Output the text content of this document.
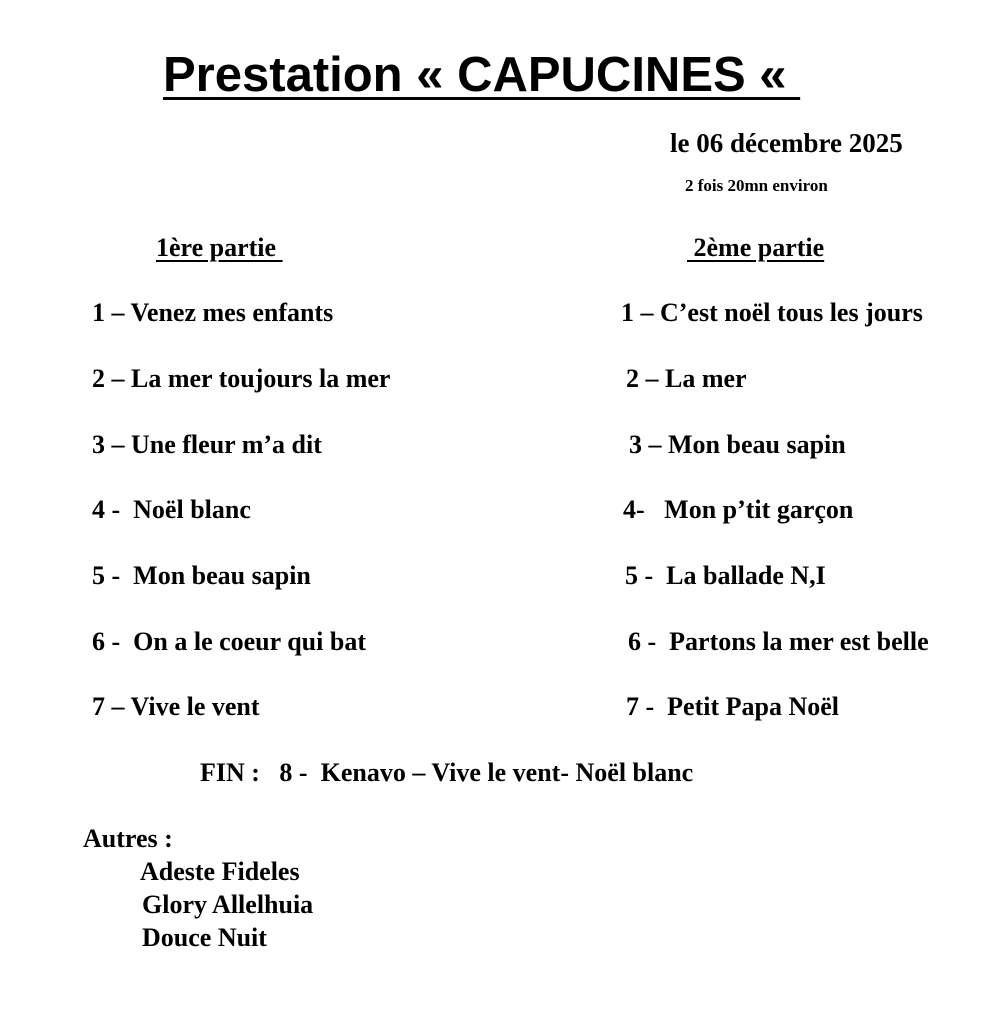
Prestation « CAPUCINES «
le 06 décembre 2025
2 fois 20mn environ
1ère partie	2ème partie
1 – Venez mes enfants
2 – La mer toujours la mer
3 – Une fleur m’a dit
4 -  Noël blanc
5 -  Mon beau sapin
6 -  On a le coeur qui bat
7 – Vive le vent
1 – C’est noël tous les jours
2 – La mer
3 – Mon beau sapin
4-   Mon p’tit garçon
5 -  La ballade N,I
6 -  Partons la mer est belle
7 -  Petit Papa Noël
FIN :   8 -  Kenavo – Vive le vent- Noël blanc
Autres :
Adeste Fideles
Glory Allelhuia
Douce Nuit
